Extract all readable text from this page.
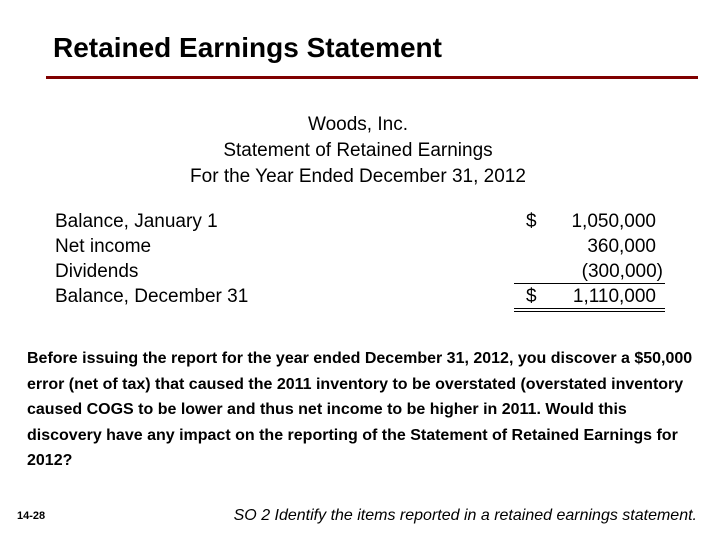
Retained Earnings Statement
Woods, Inc.
Statement of Retained Earnings
For the Year Ended December 31, 2012
Balance, January 1	$ 1,050,000
Net income	360,000
Dividends	(300,000)
Balance, December 31	$ 1,110,000
Before issuing the report for the year ended December 31, 2012, you discover a $50,000 error (net of tax) that caused the 2011 inventory to be overstated (overstated inventory caused COGS to be lower and thus net income to be higher in 2011. Would this discovery have any impact on the reporting of the Statement of Retained Earnings for 2012?
14-28	SO 2 Identify the items reported in a retained earnings statement.
